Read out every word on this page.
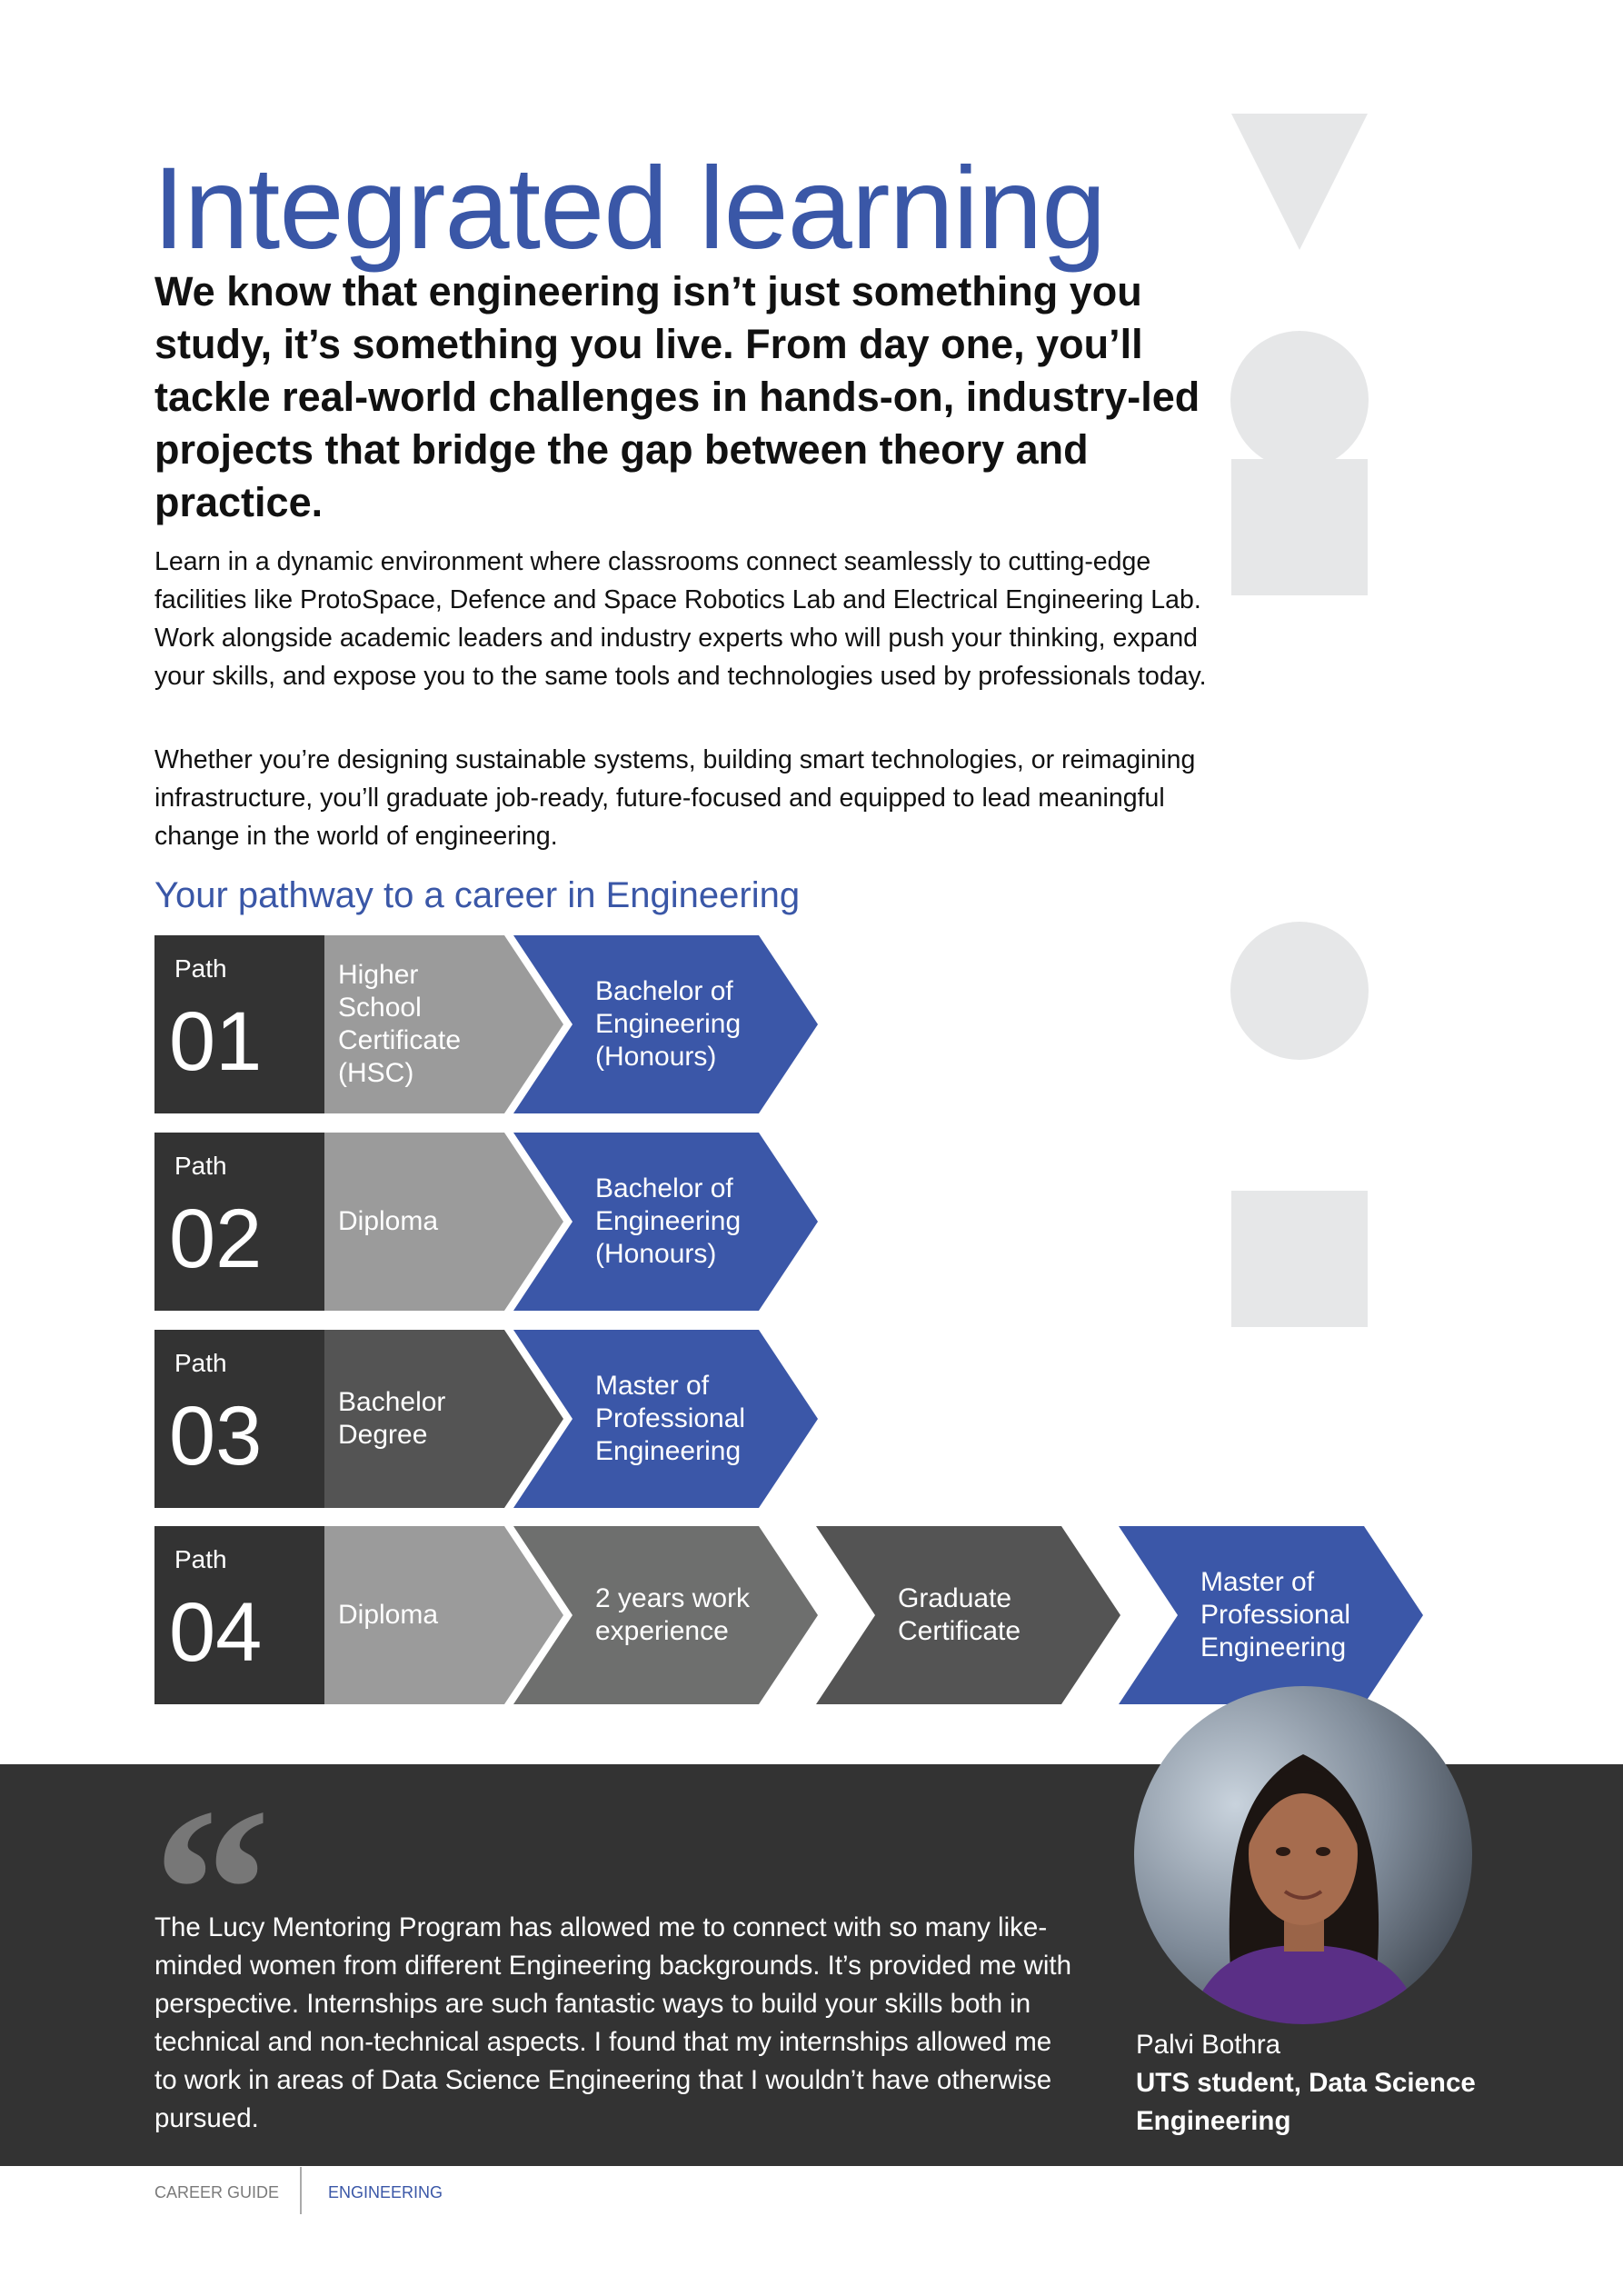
Integrated learning

We know that engineering isn’t just something you study, it’s something you live. From day one, you’ll tackle real-world challenges in hands-on, industry-led projects that bridge the gap between theory and practice.

Learn in a dynamic environment where classrooms connect seamlessly to cutting-edge facilities like ProtoSpace, Defence and Space Robotics Lab and Electrical Engineering Lab. Work alongside academic leaders and industry experts who will push your thinking, expand your skills, and expose you to the same tools and technologies used by professionals today.

Whether you’re designing sustainable systems, building smart technologies, or reimagining infrastructure, you’ll graduate job-ready, future-focused and equipped to lead meaningful change in the world of engineering.

Your pathway to a career in Engineering
Path
01
Higher School Certificate (HSC)
Bachelor of Engineering (Honours)
Path
02	Diploma
Bachelor of Engineering (Honours)
Path
03	Bachelor Degree
Master of Professional Engineering
Path
04	Diploma
2 years work experience
Graduate Certificate
Master of Professional Engineering
“

The Lucy Mentoring Program has allowed me to connect with so many like-minded women from different Engineering backgrounds. It’s provided me with perspective. Internships are such fantastic ways to build your skills both in technical and non-technical aspects. I found that my internships allowed me to work in areas of Data Science Engineering that I wouldn’t have otherwise pursued.

Palvi Bothra
UTS student, Data Science Engineering
CAREER GUIDE	ENGINEERING
